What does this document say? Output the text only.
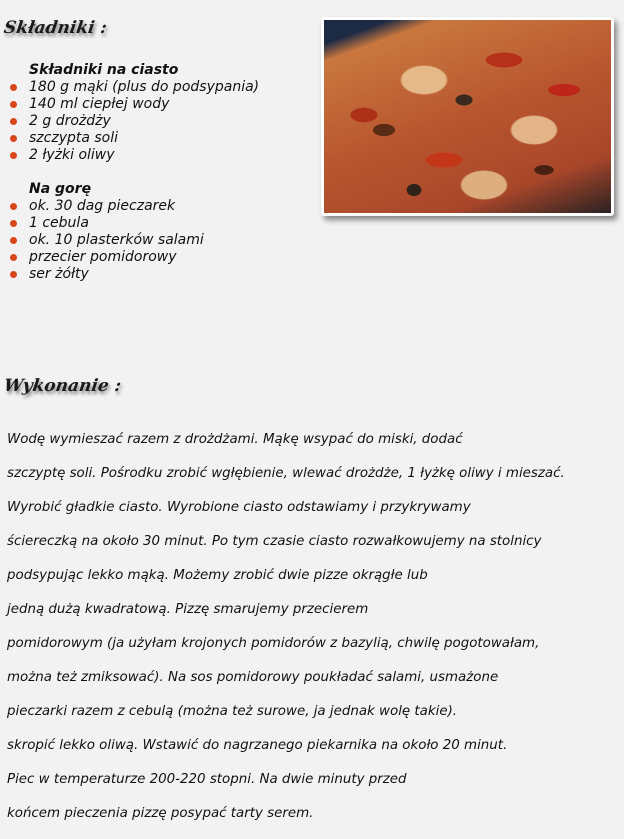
Składniki :
Składniki na ciasto
180 g mąki (plus do podsypania)
140 ml ciepłej wody
2 g drożdży
szczypta soli
2 łyżki oliwy
Na gorę
ok. 30 dag pieczarek
1 cebula
ok. 10 plasterków salami
przecier pomidorowy
ser żółty
Wykonanie :

Wodę wymieszać razem z drożdżami. Mąkę wsypać do miski, dodać

szczyptę soli. Pośrodku zrobić wgłębienie, wlewać drożdże, 1 łyżkę oliwy i mieszać.

Wyrobić gładkie ciasto. Wyrobione ciasto odstawiamy i przykrywamy

ściereczką na około 30 minut. Po tym czasie ciasto rozwałkowujemy na stolnicy

podsypując lekko mąką. Możemy zrobić dwie pizze okrągłe lub

jedną dużą kwadratową. Pizzę smarujemy przecierem

pomidorowym (ja użyłam krojonych pomidorów z bazylią, chwilę pogotowałam,

można też zmiksować). Na sos pomidorowy poukładać salami, usmażone

pieczarki razem z cebulą (można też surowe, ja jednak wolę takie).

skropić lekko oliwą. Wstawić do nagrzanego piekarnika na około 20 minut.

Piec w temperaturze 200-220 stopni. Na dwie minuty przed

końcem pieczenia pizzę posypać tarty serem.
